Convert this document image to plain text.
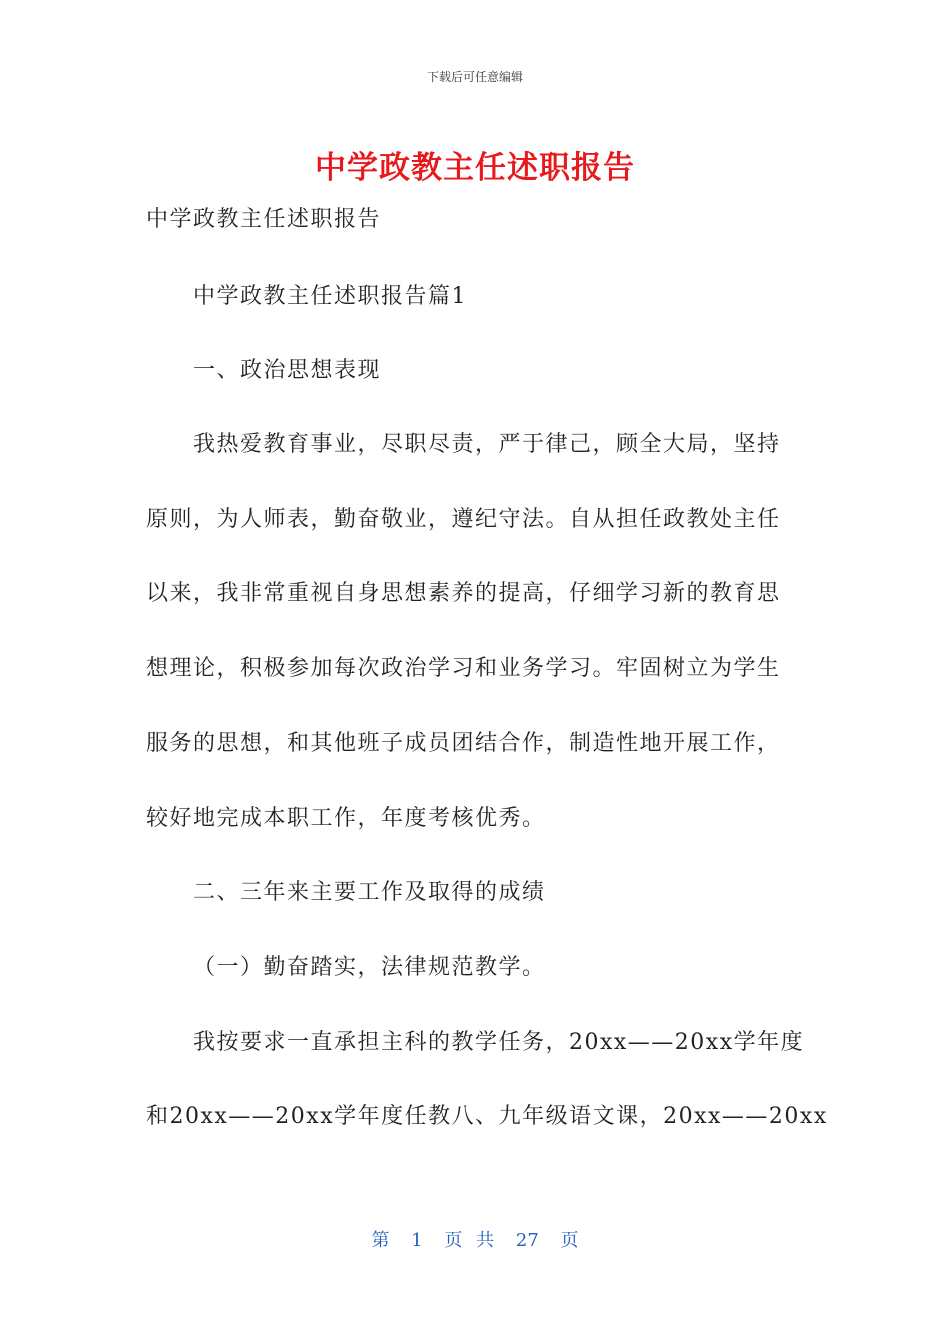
下载后可任意编辑
中学政教主任述职报告
中学政教主任述职报告
中学政教主任述职报告篇1
一、政治思想表现
我热爱教育事业，尽职尽责，严于律己，顾全大局，坚持
原则，为人师表，勤奋敬业，遵纪守法。自从担任政教处主任
以来，我非常重视自身思想素养的提高，仔细学习新的教育思
想理论，积极参加每次政治学习和业务学习。牢固树立为学生
服务的思想，和其他班子成员团结合作，制造性地开展工作，
较好地完成本职工作，年度考核优秀。
二、三年来主要工作及取得的成绩
（一）勤奋踏实，法律规范教学。
我按要求一直承担主科的教学任务，20xx——20xx学年度
和20xx——20xx学年度任教八、九年级语文课，20xx——20xx
第 1 页 共 27 页
